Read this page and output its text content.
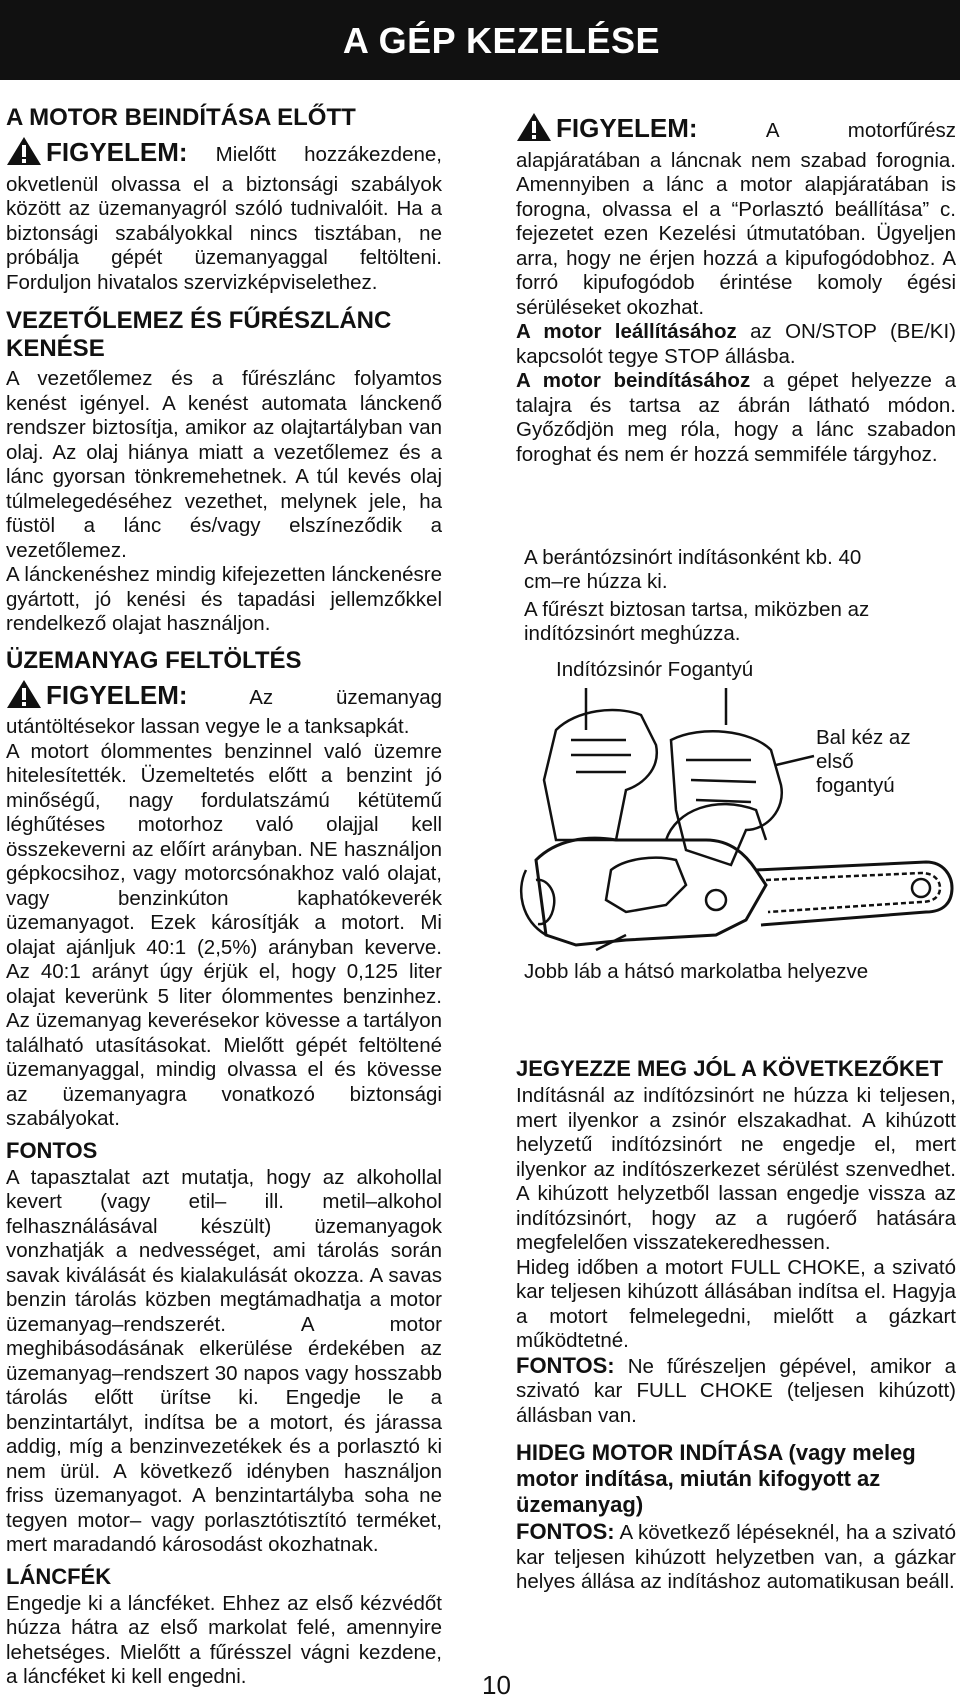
A GÉP KEZELÉSE
A MOTOR BEINDÍTÁSA ELŐTT

FIGYELEM: Mielőtt hozzákezdene, okvetlenül olvassa el a biztonsági szabályok között az üzemanyagról szóló tudnivalóit. Ha a biztonsági szabályokkal nincs tisztában, ne próbálja gépét üzemanyaggal feltölteni. Forduljon hivatalos szervizképviselethez.

VEZETŐLEMEZ ÉS FŰRÉSZLÁNC KENÉSE

A vezetőlemez és a fűrészlánc folyamtos kenést igényel. A kenést automata lánckenő rendszer biztosítja, amikor az olajtartályban van olaj. Az olaj hiánya miatt a vezetőlemez és a lánc gyorsan tönkremehetnek. A túl kevés olaj túlmelegedéséhez vezethet, melynek jele, ha füstöl a lánc és/vagy elszíneződik a vezetőlemez.

A lánckenéshez mindig kifejezetten lánckenésre gyártott, jó kenési és tapadási jellemzőkkel rendelkező olajat használjon.

ÜZEMANYAG FELTÖLTÉS

FIGYELEM: Az üzemanyag utántöltésekor lassan vegye le a tanksapkát.

A motort ólommentes benzinnel való üzemre hitelesítették. Üzemeltetés előtt a benzint jó minőségű, nagy fordulatszámú kétütemű léghűtéses motorhoz való olajjal kell összekeverni az előírt arányban. NE használjon gépkocsihoz, vagy motorcsónakhoz való olajat, vagy benzinkúton kaphatókeverék üzemanyagot. Ezek károsítják a motort. Mi olajat ajánljuk 40:1 (2,5%) arányban keverve. Az 40:1 arányt úgy érjük el, hogy 0,125 liter olajat keverünk 5 liter ólommentes benzinhez. Az üzemanyag keverésekor kövesse a tartályon található utasításokat. Mielőtt gépét feltöltené üzemanyaggal, mindig olvassa el és kövesse az üzemanyagra vonatkozó biztonsági szabályokat.

FONTOS

A tapasztalat azt mutatja, hogy az alkohollal kevert (vagy etil– ill. metil–alkohol felhasználásával készült) üzemanyagok vonzhatják a nedvességet, ami tárolás során savak kiválását és kialakulását okozza. A savas benzin tárolás közben megtámadhatja a motor üzemanyag–rendszerét. A motor meghibásodásának elkerülése érdekében az üzemanyag–rendszert 30 napos vagy hosszabb tárolás előtt ürítse ki. Engedje le a benzintartályt, indítsa be a motort, és járassa addig, míg a benzinvezetékek és a porlasztó ki nem ürül. A következő idényben használjon friss üzemanyagot. A benzintartályba soha ne tegyen motor– vagy porlasztótisztító terméket, mert maradandó károsodást okozhatnak.

LÁNCFÉK

Engedje ki a láncféket. Ehhez az első kézvédőt húzza hátra az első markolat felé, amennyire lehetséges. Mielőtt a fűrésszel vágni kezdene, a láncféket ki kell engedni.

FIGYELEM: A motorfűrész alapjáratában a láncnak nem szabad forognia. Amennyiben a lánc a motor alapjáratában is forogna, olvassa el a “Porlasztó beállítása” c. fejezetet ezen Kezelési útmutatóban. Ügyeljen arra, hogy ne érjen hozzá a kipufogódobhoz. A forró kipufogódob érintése komoly égési sérüléseket okozhat.

A motor leállításához az ON/STOP (BE/KI) kapcsolót tegye STOP állásba.

A motor beindításához a gépet helyezze a talajra és tartsa az ábrán látható módon. Győződjön meg róla, hogy a lánc szabadon foroghat és nem ér hozzá semmiféle tárgyhoz.

A berántózsinórt indításonként kb. 40 cm–re húzza ki.
A fűrészt biztosan tartsa, miközben az indítózsinórt meghúzza.
Indítózsinór Fogantyú
Bal kéz az első fogantyú
Jobb láb a hátsó markolatba helyezve
JEGYEZZE MEG JÓL A KÖVETKEZŐKET

Indításnál az indítózsinórt ne húzza ki teljesen, mert ilyenkor a zsinór elszakadhat. A kihúzott helyzetű indítózsinórt ne engedje el, mert ilyenkor az indítószerkezet sérülést szenvedhet. A kihúzott helyzetből lassan engedje vissza az indítózsinórt, hogy az a rugóerő hatására megfelelően visszatekeredhessen.

Hideg időben a motort FULL CHOKE, a szivató kar teljesen kihúzott állásában indítsa el. Hagyja a motort felmelegedni, mielőtt a gázkart működtetné.

FONTOS: Ne fűrészeljen gépével, amikor a szivató kar FULL CHOKE (teljesen kihúzott) állásban van.

HIDEG MOTOR INDÍTÁSA (vagy meleg motor indítása, miután kifogyott az üzemanyag)

FONTOS: A következő lépéseknél, ha a szivató kar teljesen kihúzott helyzetben van, a gázkar helyes állása az indításhoz automatikusan beáll.

10
